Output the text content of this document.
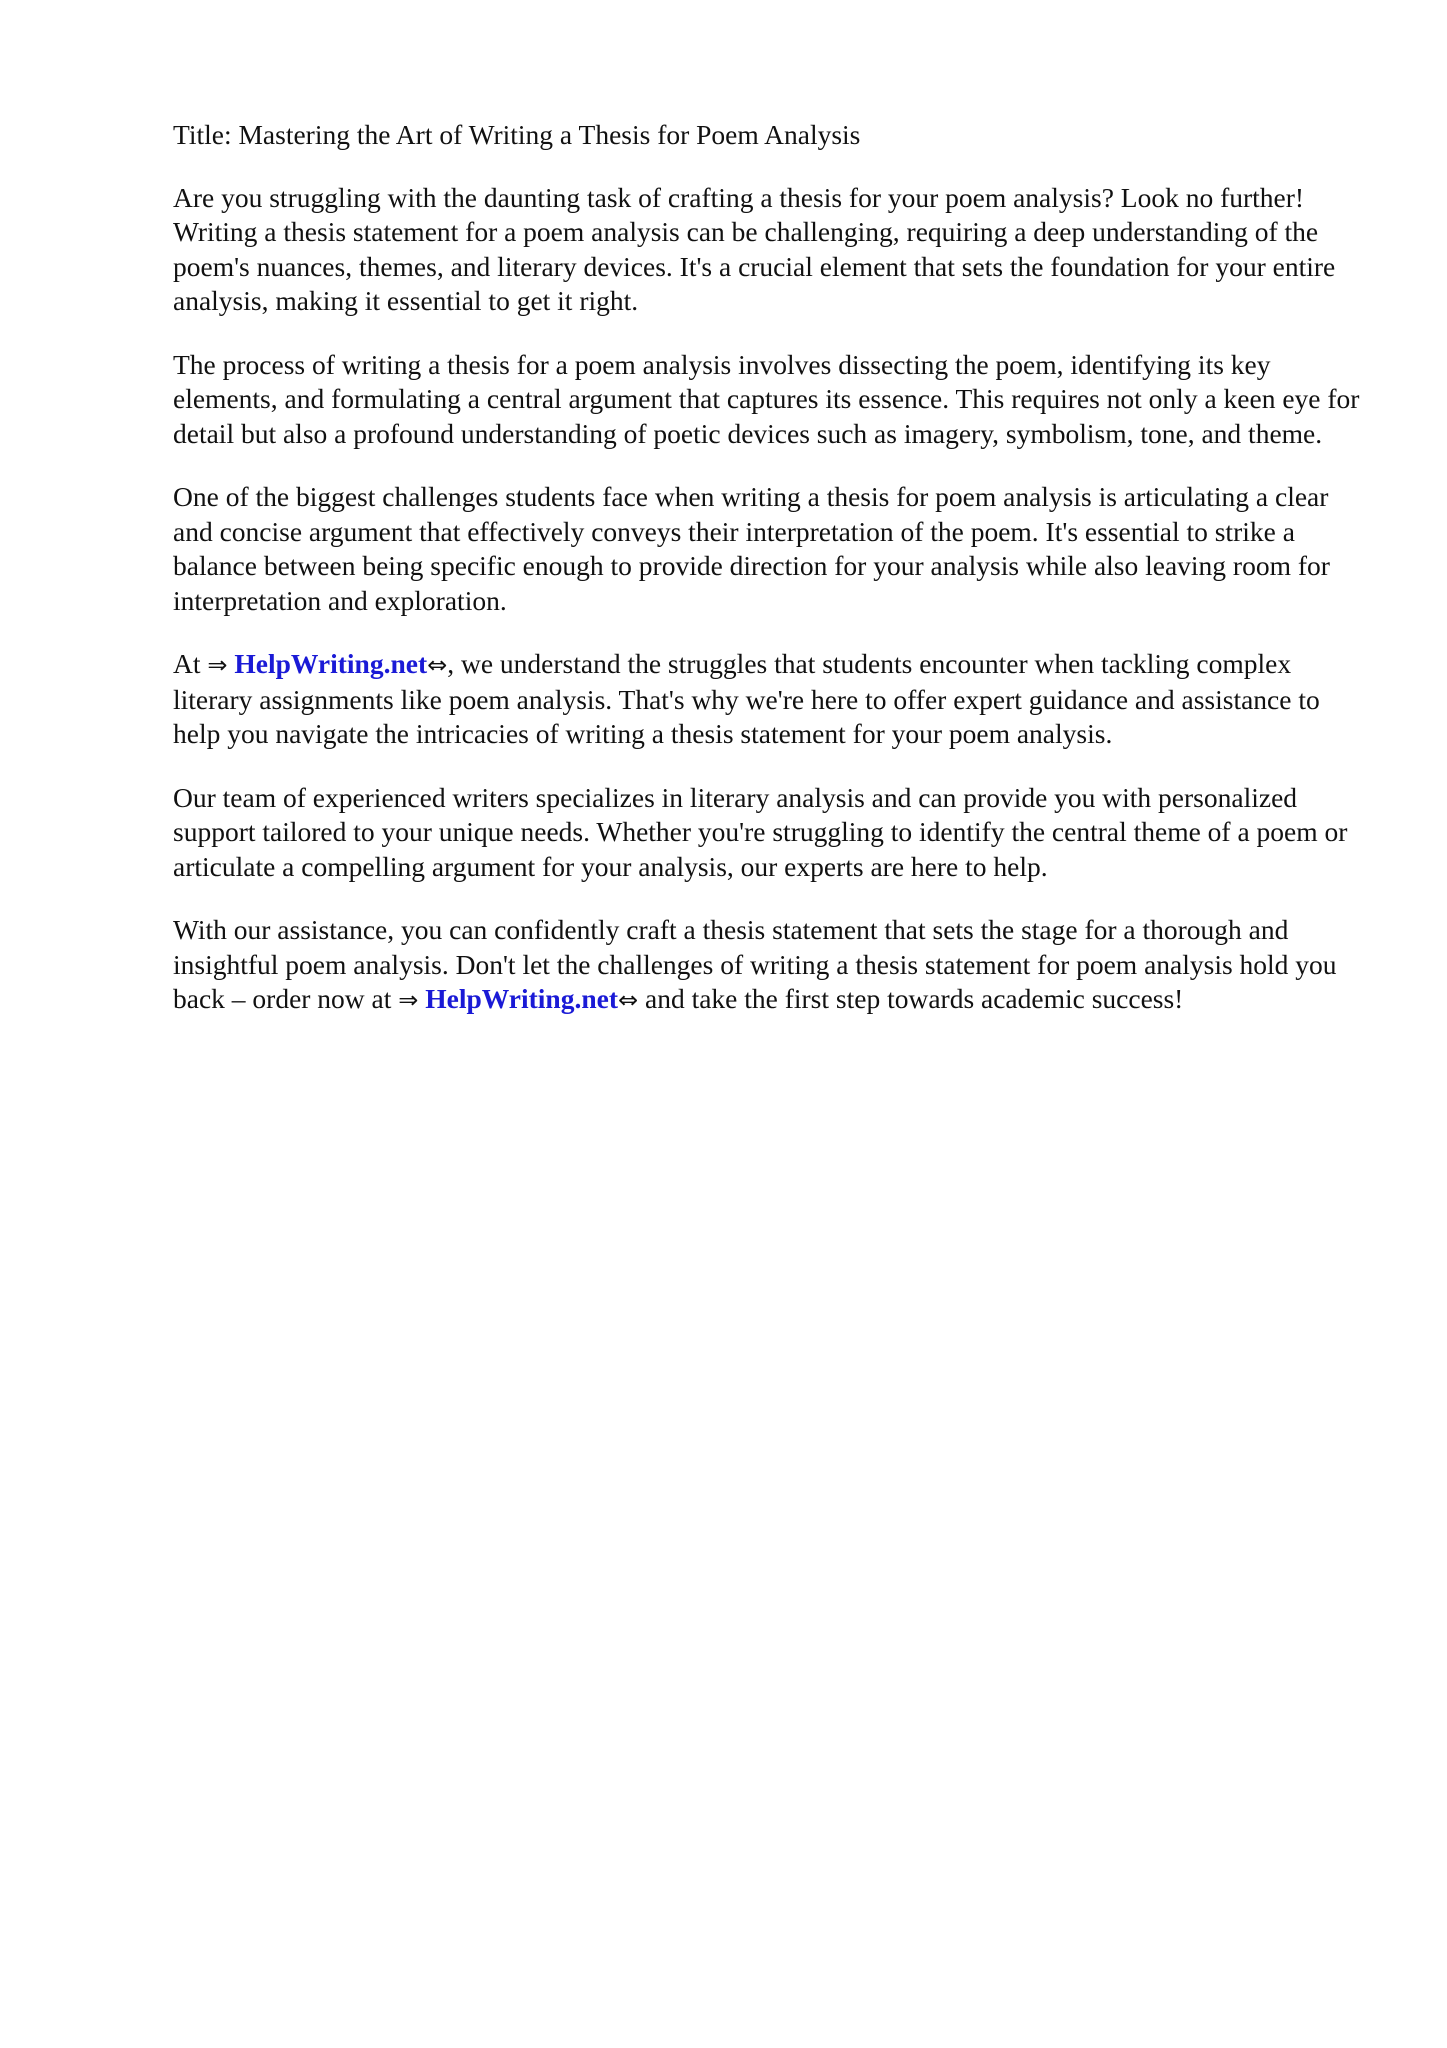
Title: Mastering the Art of Writing a Thesis for Poem Analysis
Are you struggling with the daunting task of crafting a thesis for your poem analysis? Look no further! Writing a thesis statement for a poem analysis can be challenging, requiring a deep understanding of the poem's nuances, themes, and literary devices. It's a crucial element that sets the foundation for your entire analysis, making it essential to get it right.
The process of writing a thesis for a poem analysis involves dissecting the poem, identifying its key elements, and formulating a central argument that captures its essence. This requires not only a keen eye for detail but also a profound understanding of poetic devices such as imagery, symbolism, tone, and theme.
One of the biggest challenges students face when writing a thesis for poem analysis is articulating a clear and concise argument that effectively conveys their interpretation of the poem. It's essential to strike a balance between being specific enough to provide direction for your analysis while also leaving room for interpretation and exploration.
At ⇒ HelpWriting.net⇔, we understand the struggles that students encounter when tackling complex literary assignments like poem analysis. That's why we're here to offer expert guidance and assistance to help you navigate the intricacies of writing a thesis statement for your poem analysis.
Our team of experienced writers specializes in literary analysis and can provide you with personalized support tailored to your unique needs. Whether you're struggling to identify the central theme of a poem or articulate a compelling argument for your analysis, our experts are here to help.
With our assistance, you can confidently craft a thesis statement that sets the stage for a thorough and insightful poem analysis. Don't let the challenges of writing a thesis statement for poem analysis hold you back – order now at ⇒ HelpWriting.net⇔ and take the first step towards academic success!
